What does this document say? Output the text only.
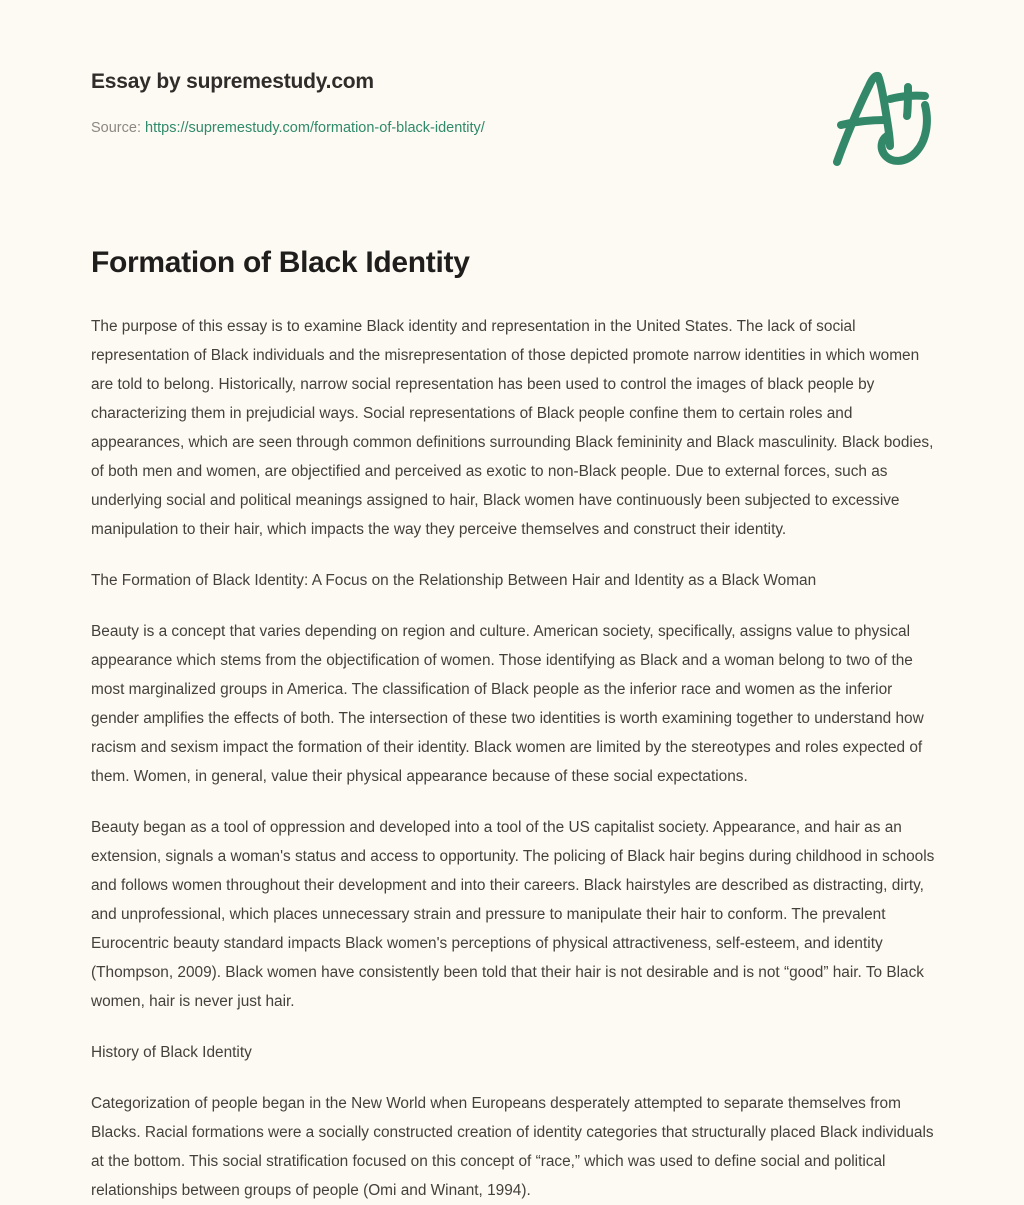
Essay by supremestudy.com
Source: https://supremestudy.com/formation-of-black-identity/
Formation of Black Identity

The purpose of this essay is to examine Black identity and representation in the United States. The lack of social representation of Black individuals and the misrepresentation of those depicted promote narrow identities in which women are told to belong. Historically, narrow social representation has been used to control the images of black people by characterizing them in prejudicial ways. Social representations of Black people confine them to certain roles and appearances, which are seen through common definitions surrounding Black femininity and Black masculinity. Black bodies, of both men and women, are objectified and perceived as exotic to non-Black people. Due to external forces, such as underlying social and political meanings assigned to hair, Black women have continuously been subjected to excessive manipulation to their hair, which impacts the way they perceive themselves and construct their identity.

The Formation of Black Identity: A Focus on the Relationship Between Hair and Identity as a Black Woman

Beauty is a concept that varies depending on region and culture. American society, specifically, assigns value to physical appearance which stems from the objectification of women. Those identifying as Black and a woman belong to two of the most marginalized groups in America. The classification of Black people as the inferior race and women as the inferior gender amplifies the effects of both. The intersection of these two identities is worth examining together to understand how racism and sexism impact the formation of their identity. Black women are limited by the stereotypes and roles expected of them. Women, in general, value their physical appearance because of these social expectations.

Beauty began as a tool of oppression and developed into a tool of the US capitalist society. Appearance, and hair as an extension, signals a woman's status and access to opportunity. The policing of Black hair begins during childhood in schools and follows women throughout their development and into their careers. Black hairstyles are described as distracting, dirty, and unprofessional, which places unnecessary strain and pressure to manipulate their hair to conform. The prevalent Eurocentric beauty standard impacts Black women's perceptions of physical attractiveness, self-esteem, and identity (Thompson, 2009). Black women have consistently been told that their hair is not desirable and is not “good” hair. To Black women, hair is never just hair.

History of Black Identity

Categorization of people began in the New World when Europeans desperately attempted to separate themselves from Blacks. Racial formations were a socially constructed creation of identity categories that structurally placed Black individuals at the bottom. This social stratification focused on this concept of “race,” which was used to define social and political relationships between groups of people (Omi and Winant, 1994).
